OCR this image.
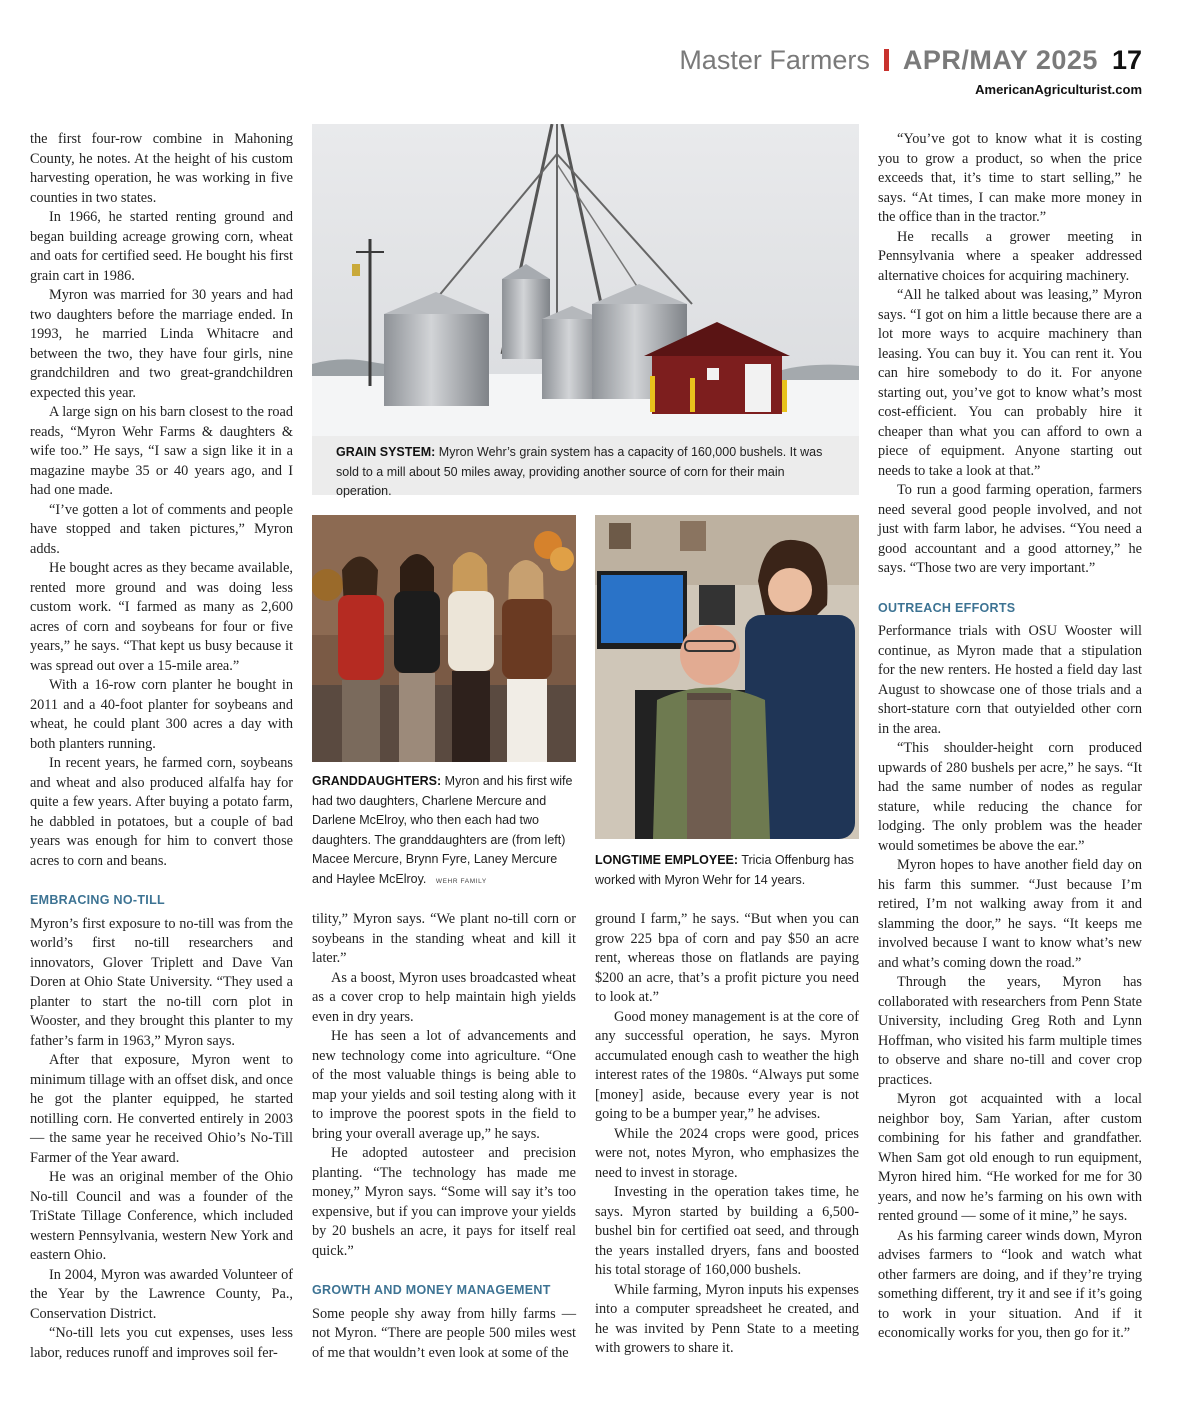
Master Farmers APR/MAY 2025 17
AmericanAgriculturist.com

the first four-row combine in Mahoning County, he notes. At the height of his custom harvesting operation, he was working in five counties in two states.

In 1966, he started renting ground and began building acreage growing corn, wheat and oats for certified seed. He bought his first grain cart in 1986.

Myron was married for 30 years and had two daughters before the marriage ended. In 1993, he married Linda Whitacre and between the two, they have four girls, nine grandchildren and two great-grandchildren expected this year.

A large sign on his barn closest to the road reads, “Myron Wehr Farms & daughters & wife too.” He says, “I saw a sign like it in a magazine maybe 35 or 40 years ago, and I had one made.

“I’ve gotten a lot of comments and people have stopped and taken pictures,” Myron adds.

He bought acres as they became available, rented more ground and was doing less custom work. “I farmed as many as 2,600 acres of corn and soybeans for four or five years,” he says. “That kept us busy because it was spread out over a 15-mile area.”

With a 16-row corn planter he bought in 2011 and a 40-foot planter for soybeans and wheat, he could plant 300 acres a day with both planters running.

In recent years, he farmed corn, soybeans and wheat and also produced alfalfa hay for quite a few years. After buying a potato farm, he dabbled in potatoes, but a couple of bad years was enough for him to convert those acres to corn and beans.

EMBRACING NO-TILL

Myron’s first exposure to no-till was from the world’s first no-till researchers and innovators, Glover Triplett and Dave Van Doren at Ohio State University. “They used a planter to start the no-till corn plot in Wooster, and they brought this planter to my father’s farm in 1963,” Myron says.

After that exposure, Myron went to minimum tillage with an offset disk, and once he got the planter equipped, he started notilling corn. He converted entirely in 2003 — the same year he received Ohio’s No-Till Farmer of the Year award.

He was an original member of the Ohio No-till Council and was a founder of the TriState Tillage Conference, which included western Pennsylvania, western New York and eastern Ohio.

In 2004, Myron was awarded Volunteer of the Year by the Lawrence County, Pa., Conservation District.

“No-till lets you cut expenses, uses less labor, reduces runoff and improves soil fer-

GRAIN SYSTEM: Myron Wehr’s grain system has a capacity of 160,000 bushels. It was sold to a mill about 50 miles away, providing another source of corn for their main operation.
GRANDDAUGHTERS: Myron and his first wife had two daughters, Charlene Mercure and Darlene McElroy, who then each had two daughters. The granddaughters are (from left) Macee Mercure, Brynn Fyre, Laney Mercure and Haylee McElroy. WEHR FAMILY
LONGTIME EMPLOYEE: Tricia Offenburg has worked with Myron Wehr for 14 years.

tility,” Myron says. “We plant no-till corn or soybeans in the standing wheat and kill it later.”

As a boost, Myron uses broadcasted wheat as a cover crop to help maintain high yields even in dry years.

He has seen a lot of advancements and new technology come into agriculture. “One of the most valuable things is being able to map your yields and soil testing along with it to improve the poorest spots in the field to bring your overall average up,” he says.

He adopted autosteer and precision planting. “The technology has made me money,” Myron says. “Some will say it’s too expensive, but if you can improve your yields by 20 bushels an acre, it pays for itself real quick.”

GROWTH AND MONEY MANAGEMENT

Some people shy away from hilly farms — not Myron. “There are people 500 miles west of me that wouldn’t even look at some of the

ground I farm,” he says. “But when you can grow 225 bpa of corn and pay $50 an acre rent, whereas those on flatlands are paying $200 an acre, that’s a profit picture you need to look at.”

Good money management is at the core of any successful operation, he says. Myron accumulated enough cash to weather the high interest rates of the 1980s. “Always put some [money] aside, because every year is not going to be a bumper year,” he advises.

While the 2024 crops were good, prices were not, notes Myron, who emphasizes the need to invest in storage.

Investing in the operation takes time, he says. Myron started by building a 6,500-bushel bin for certified oat seed, and through the years installed dryers, fans and boosted his total storage of 160,000 bushels.

While farming, Myron inputs his expenses into a computer spreadsheet he created, and he was invited by Penn State to a meeting with growers to share it.

“You’ve got to know what it is costing you to grow a product, so when the price exceeds that, it’s time to start selling,” he says. “At times, I can make more money in the office than in the tractor.”

He recalls a grower meeting in Pennsylvania where a speaker addressed alternative choices for acquiring machinery.

“All he talked about was leasing,” Myron says. “I got on him a little because there are a lot more ways to acquire machinery than leasing. You can buy it. You can rent it. You can hire somebody to do it. For anyone starting out, you’ve got to know what’s most cost-efficient. You can probably hire it cheaper than what you can afford to own a piece of equipment. Anyone starting out needs to take a look at that.”

To run a good farming operation, farmers need several good people involved, and not just with farm labor, he advises. “You need a good accountant and a good attorney,” he says. “Those two are very important.”

OUTREACH EFFORTS

Performance trials with OSU Wooster will continue, as Myron made that a stipulation for the new renters. He hosted a field day last August to showcase one of those trials and a short-stature corn that outyielded other corn in the area.

“This shoulder-height corn produced upwards of 280 bushels per acre,” he says. “It had the same number of nodes as regular stature, while reducing the chance for lodging. The only problem was the header would sometimes be above the ear.”

Myron hopes to have another field day on his farm this summer. “Just because I’m retired, I’m not walking away from it and slamming the door,” he says. “It keeps me involved because I want to know what’s new and what’s coming down the road.”

Through the years, Myron has collaborated with researchers from Penn State University, including Greg Roth and Lynn Hoffman, who visited his farm multiple times to observe and share no-till and cover crop practices.

Myron got acquainted with a local neighbor boy, Sam Yarian, after custom combining for his father and grandfather. When Sam got old enough to run equipment, Myron hired him. “He worked for me for 30 years, and now he’s farming on his own with rented ground — some of it mine,” he says.

As his farming career winds down, Myron advises farmers to “look and watch what other farmers are doing, and if they’re trying something different, try it and see if it’s going to work in your situation. And if it economically works for you, then go for it.”
